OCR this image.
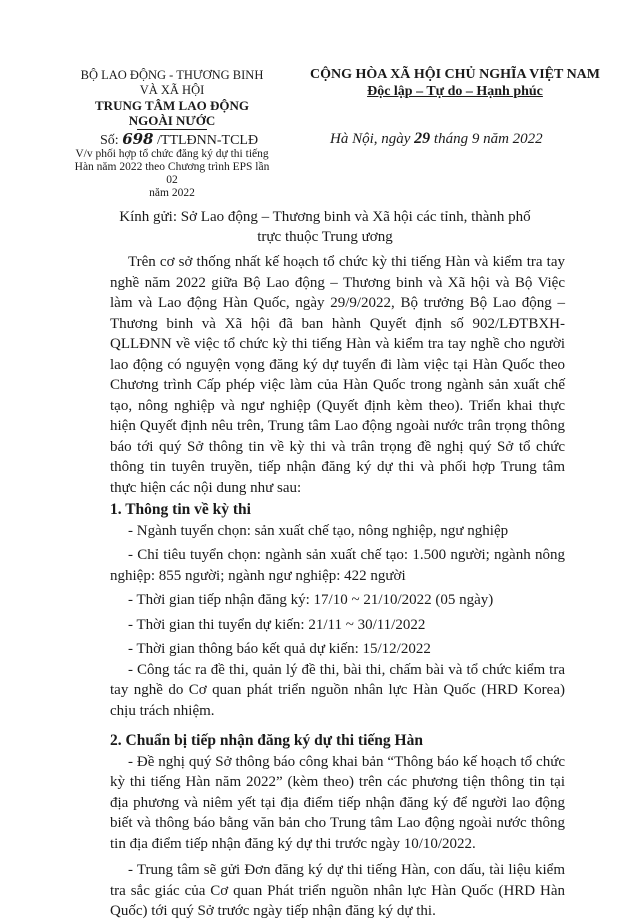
BỘ LAO ĐỘNG - THƯƠNG BINH
VÀ XÃ HỘI
TRUNG TÂM LAO ĐỘNG
NGOÀI NƯỚC
Số: 698 /TTLĐNN-TCLĐ
V/v phối hợp tổ chức đăng ký dự thi tiếng
Hàn năm 2022 theo Chương trình EPS lần 02
năm 2022
CỘNG HÒA XÃ HỘI CHỦ NGHĨA VIỆT NAM
Độc lập – Tự do – Hạnh phúc
Hà Nội, ngày 29 tháng 9 năm 2022
Kính gửi: Sở Lao động – Thương binh và Xã hội các tỉnh, thành phố
trực thuộc Trung ương

Trên cơ sở thống nhất kế hoạch tổ chức kỳ thi tiếng Hàn và kiểm tra tay nghề năm 2022 giữa Bộ Lao động – Thương binh và Xã hội và Bộ Việc làm và Lao động Hàn Quốc, ngày 29/9/2022, Bộ trưởng Bộ Lao động – Thương binh và Xã hội đã ban hành Quyết định số 902/LĐTBXH-QLLĐNN về việc tổ chức kỳ thi tiếng Hàn và kiểm tra tay nghề cho người lao động có nguyện vọng đăng ký dự tuyển đi làm việc tại Hàn Quốc theo Chương trình Cấp phép việc làm của Hàn Quốc trong ngành sản xuất chế tạo, nông nghiệp và ngư nghiệp (Quyết định kèm theo). Triển khai thực hiện Quyết định nêu trên, Trung tâm Lao động ngoài nước trân trọng thông báo tới quý Sở thông tin về kỳ thi và trân trọng đề nghị quý Sở tổ chức thông tin tuyên truyền, tiếp nhận đăng ký dự thi và phối hợp Trung tâm thực hiện các nội dung như sau:

1. Thông tin về kỳ thi

- Ngành tuyển chọn: sản xuất chế tạo, nông nghiệp, ngư nghiệp

- Chỉ tiêu tuyển chọn: ngành sản xuất chế tạo: 1.500 người; ngành nông nghiệp: 855 người; ngành ngư nghiệp: 422 người

- Thời gian tiếp nhận đăng ký: 17/10 ~ 21/10/2022 (05 ngày)

- Thời gian thi tuyển dự kiến: 21/11 ~ 30/11/2022

- Thời gian thông báo kết quả dự kiến: 15/12/2022

- Công tác ra đề thi, quản lý đề thi, bài thi, chấm bài và tổ chức kiểm tra tay nghề do Cơ quan phát triển nguồn nhân lực Hàn Quốc (HRD Korea) chịu trách nhiệm.

2. Chuẩn bị tiếp nhận đăng ký dự thi tiếng Hàn

- Đề nghị quý Sở thông báo công khai bản “Thông báo kế hoạch tổ chức kỳ thi tiếng Hàn năm 2022” (kèm theo) trên các phương tiện thông tin tại địa phương và niêm yết tại địa điểm tiếp nhận đăng ký để người lao động biết và thông báo bằng văn bản cho Trung tâm Lao động ngoài nước thông tin địa điểm tiếp nhận đăng ký dự thi trước ngày 10/10/2022.

- Trung tâm sẽ gửi Đơn đăng ký dự thi tiếng Hàn, con dấu, tài liệu kiểm tra sắc giác của Cơ quan Phát triển nguồn nhân lực Hàn Quốc (HRD Hàn Quốc) tới quý Sở trước ngày tiếp nhận đăng ký dự thi.
